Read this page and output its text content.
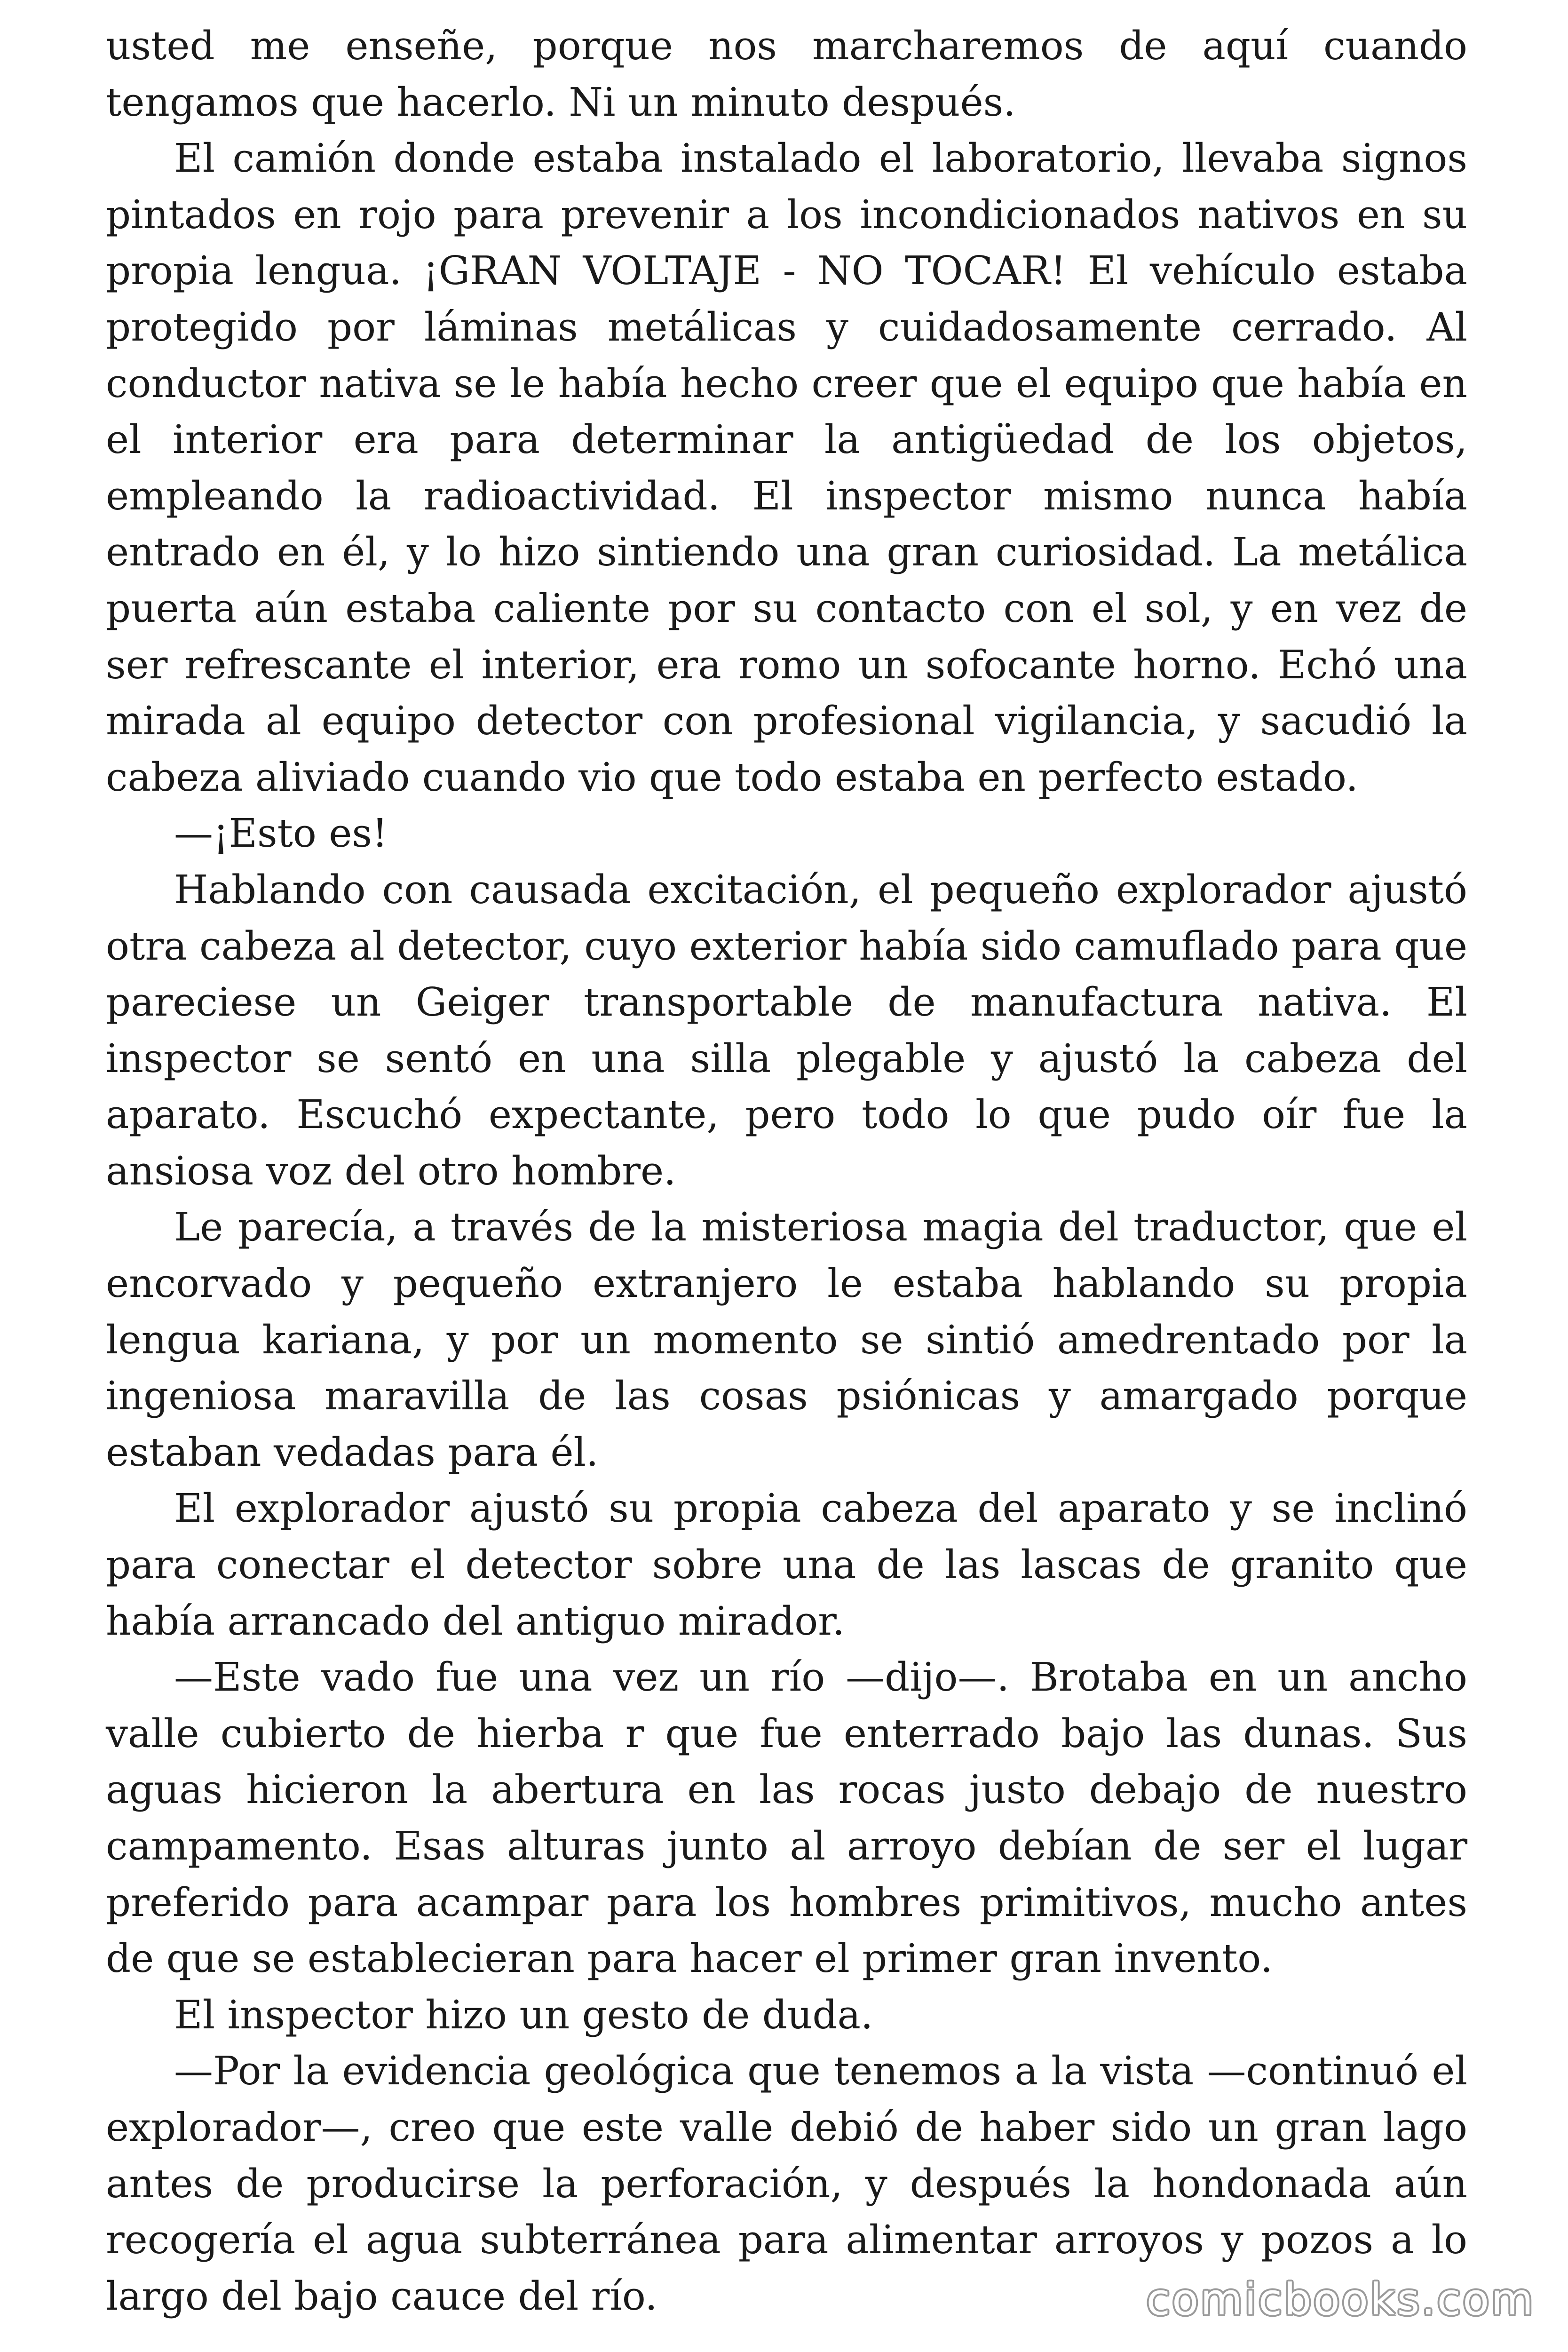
usted me enseñe, porque nos marcharemos de aquí cuando tengamos que hacerlo. Ni un minuto después.

El camión donde estaba instalado el laboratorio, llevaba signos pintados en rojo para prevenir a los incondicionados nativos en su propia lengua. ¡GRAN VOLTAJE - NO TOCAR! El vehículo estaba protegido por láminas metálicas y cuidadosamente cerrado. Al conductor nativa se le había hecho creer que el equipo que había en el interior era para determinar la antigüedad de los objetos, empleando la radioactividad. El inspector mismo nunca había entrado en él, y lo hizo sintiendo una gran curiosidad. La metálica puerta aún estaba caliente por su contacto con el sol, y en vez de ser refrescante el interior, era romo un sofocante horno. Echó una mirada al equipo detector con profesional vigilancia, y sacudió la cabeza aliviado cuando vio que todo estaba en perfecto estado.

—¡Esto es!

Hablando con causada excitación, el pequeño explorador ajustó otra cabeza al detector, cuyo exterior había sido camuflado para que pareciese un Geiger transportable de manufactura nativa. El inspector se sentó en una silla plegable y ajustó la cabeza del aparato. Escuchó expectante, pero todo lo que pudo oír fue la ansiosa voz del otro hombre.

Le parecía, a través de la misteriosa magia del traductor, que el encorvado y pequeño extranjero le estaba hablando su propia lengua kariana, y por un momento se sintió amedrentado por la ingeniosa maravilla de las cosas psiónicas y amargado porque estaban vedadas para él.

El explorador ajustó su propia cabeza del aparato y se inclinó para conectar el detector sobre una de las lascas de granito que había arrancado del antiguo mirador.

—Este vado fue una vez un río —dijo—. Brotaba en un ancho valle cubierto de hierba r que fue enterrado bajo las dunas. Sus aguas hicieron la abertura en las rocas justo debajo de nuestro campamento. Esas alturas junto al arroyo debían de ser el lugar preferido para acampar para los hombres primitivos, mucho antes de que se establecieran para hacer el primer gran invento.

El inspector hizo un gesto de duda.

—Por la evidencia geológica que tenemos a la vista —continuó el explorador—, creo que este valle debió de haber sido un gran lago antes de producirse la perforación, y después la hondonada aún recogería el agua subterránea para alimentar arroyos y pozos a lo largo del bajo cauce del río.	comicbooks.com
